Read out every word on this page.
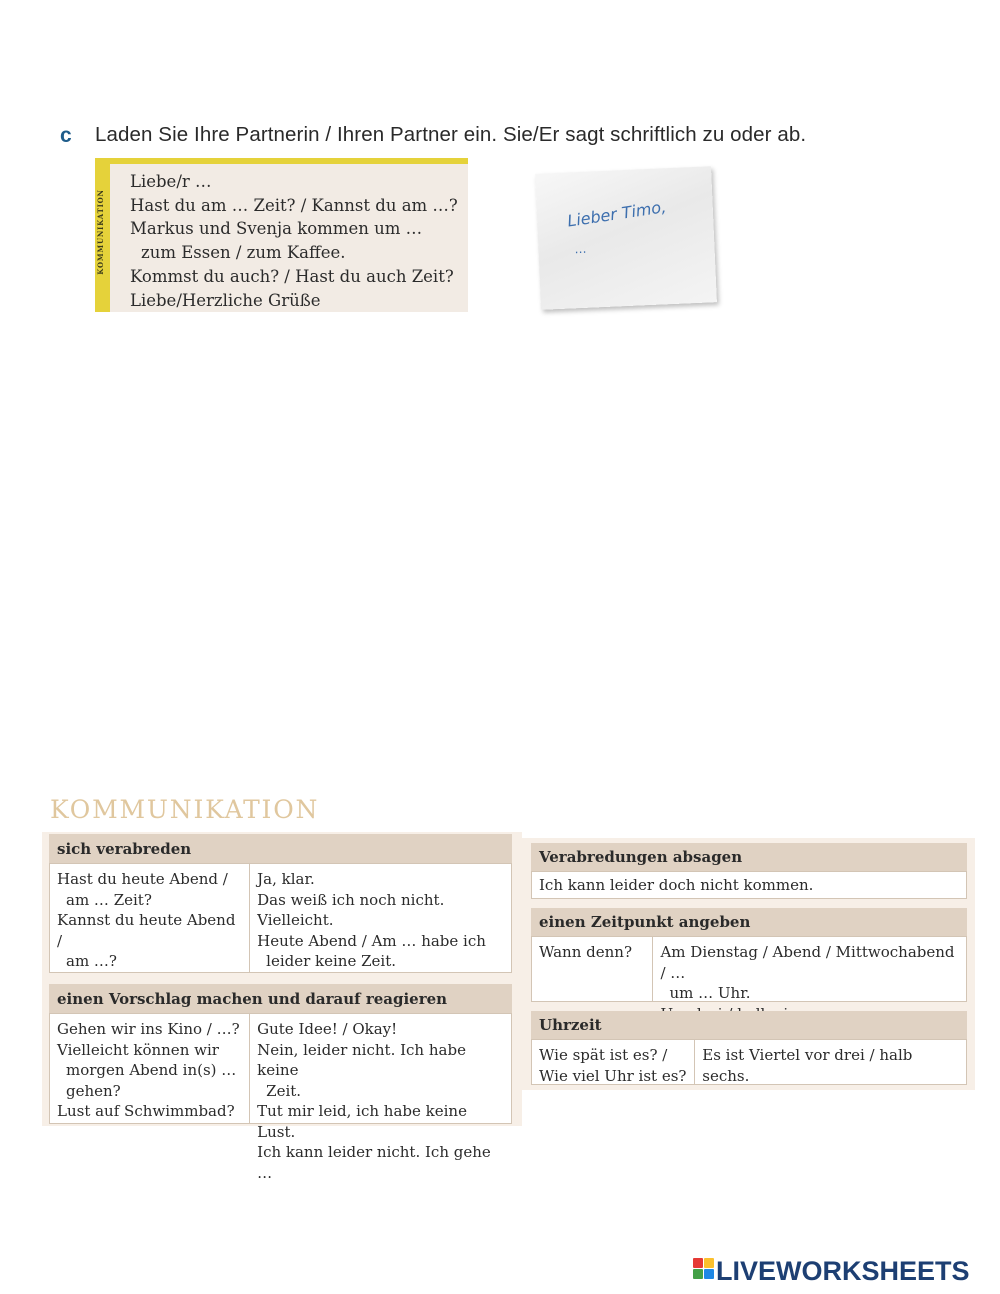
c Laden Sie Ihre Partnerin / Ihren Partner ein. Sie/Er sagt schriftlich zu oder ab.
KOMMUNIKATION
Liebe/r …
Hast du am … Zeit? / Kannst du am …?
Markus und Svenja kommen um …
zum Essen / zum Kaffee.
Kommst du auch? / Hast du auch Zeit?
Liebe/Herzliche Grüße
Lieber Timo,
…
KOMMUNIKATION
sich verabreden
Hast du heute Abend /
am … Zeit?
Kannst du heute Abend /
am …?
Ja, klar.
Das weiß ich noch nicht.
Vielleicht.
Heute Abend / Am … habe ich
leider keine Zeit.
einen Vorschlag machen und darauf reagieren
Gehen wir ins Kino / …?
Vielleicht können wir
morgen Abend in(s) …
gehen?
Lust auf Schwimmbad?
Gute Idee! / Okay!
Nein, leider nicht. Ich habe keine
Zeit.
Tut mir leid, ich habe keine Lust.
Ich kann leider nicht. Ich gehe …
Verabredungen absagen
Ich kann leider doch nicht kommen.
einen Zeitpunkt angeben
Wann denn?	Am Dienstag / Abend / Mittwochabend / …
um … Uhr.
Uhrzeit
Wie spät ist es? /
Wie viel Uhr ist es?
Es ist Viertel vor drei / halb sechs.
LIVEWORKSHEETS
